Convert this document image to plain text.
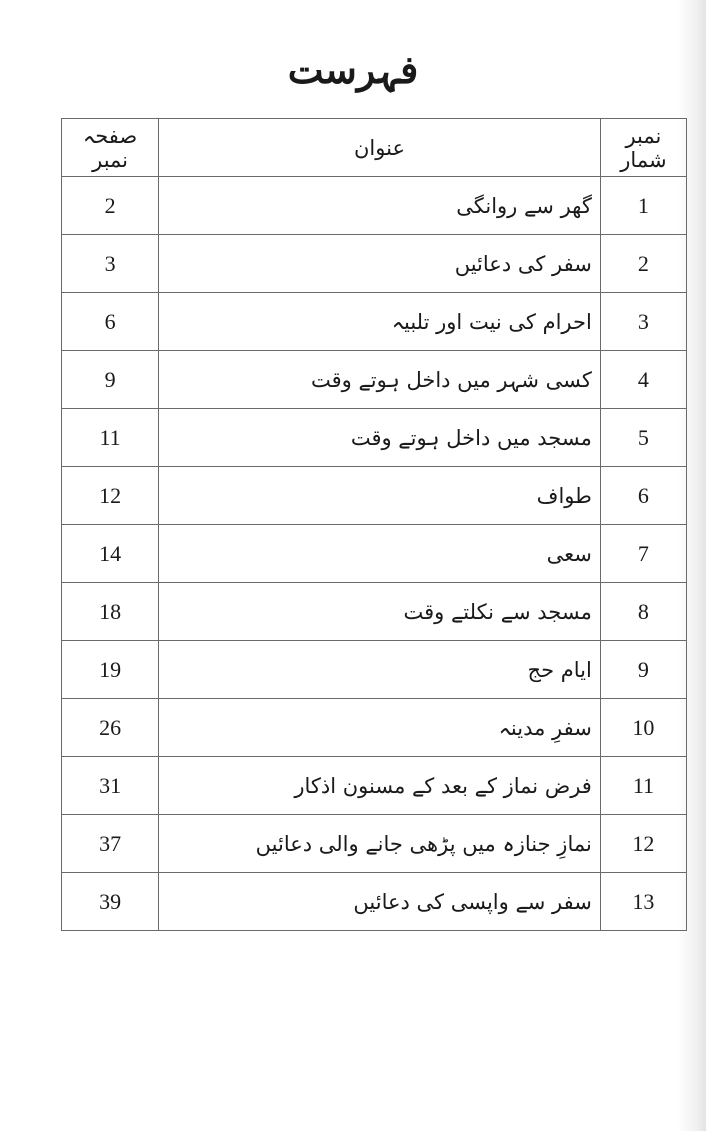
فہرست
صفحہ نمبر	عنوان	نمبر شمار
2	گھر سے روانگی	1
3	سفر کی دعائیں	2
6	احرام کی نیت اور تلبیہ	3
9	کسی شہر میں داخل ہوتے وقت	4
11	مسجد میں داخل ہوتے وقت	5
12	طواف	6
14	سعی	7
18	مسجد سے نکلتے وقت	8
19	ایام حج	9
26	سفرِ مدینہ	10
31	فرض نماز کے بعد کے مسنون اذکار	11
37	نمازِ جنازہ میں پڑھی جانے والی دعائیں	12
39	سفر سے واپسی کی دعائیں	13
